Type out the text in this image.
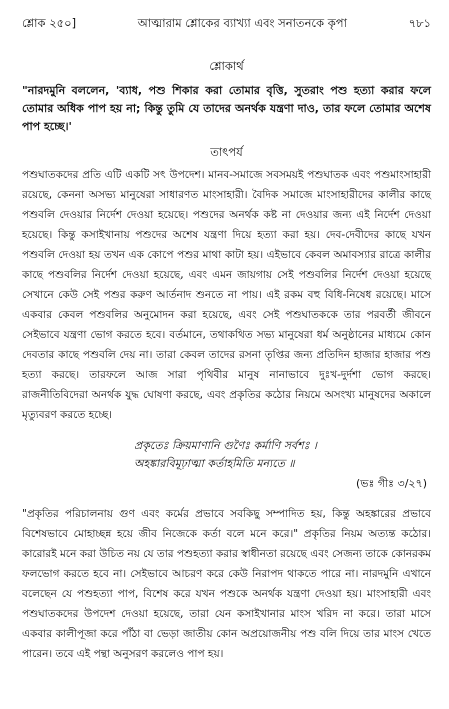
শ্লোক ২৫০]	আত্মারাম শ্লোকের ব্যাখ্যা এবং সনাতনকে কৃপা	৭৮১
শ্লোকার্থ

"নারদমুনি বললেন, 'ব্যাধ, পশু শিকার করা তোমার বৃত্তি, সুতরাং পশু হত্যা করার ফলে তোমার অধিক পাপ হয় না; কিন্তু তুমি যে তাদের অনর্থক যন্ত্রণা দাও, তার ফলে তোমার অশেষ পাপ হচ্ছে।'

তাৎপর্য

পশুঘাতকদের প্রতি এটি একটি সৎ উপদেশ। মানব-সমাজে সবসময়ই পশুঘাতক এবং পশুমাংসাহারী রয়েছে, কেননা অসভ্য মানুষেরা সাধারণত মাংসাহারী। বৈদিক সমাজে মাংসাহারীদের কালীর কাছে পশুবলি দেওয়ার নির্দেশ দেওয়া হয়েছে। পশুদের অনর্থক কষ্ট না দেওয়ার জন্য এই নির্দেশ দেওয়া হয়েছে। কিন্তু কসাইখানায় পশুদের অশেষ যন্ত্রণা দিয়ে হত্যা করা হয়। দেব-দেবীদের কাছে যখন পশুবলি দেওয়া হয় তখন এক কোপে পশুর মাথা কাটা হয়। এইভাবে কেবল অমাবস্যার রাত্রে কালীর কাছে পশুবলির নির্দেশ দেওয়া হয়েছে, এবং এমন জায়গায় সেই পশুবলির নির্দেশ দেওয়া হয়েছে সেখানে কেউ সেই পশুর করুণ আর্তনাদ শুনতে না পায়। এই রকম বহু বিধি-নিষেধ রয়েছে। মাসে একবার কেবল পশুবলির অনুমোদন করা হয়েছে, এবং সেই পশুঘাতককে তার পরবর্তী জীবনে সেইভাবে যন্ত্রণা ভোগ করতে হবে। বর্তমানে, তথাকথিত সভ্য মানুষেরা ধর্ম অনুষ্ঠানের মাধ্যমে কোন দেবতার কাছে পশুবলি দেয় না। তারা কেবল তাদের রসনা তৃপ্তির জন্য প্রতিদিন হাজার হাজার পশু হত্যা করছে। তারফলে আজ সারা পৃথিবীর মানুষ নানাভাবে দুঃখ-দুর্দশা ভোগ করছে। রাজনীতিবিদেরা অনর্থক যুদ্ধ ঘোষণা করছে, এবং প্রকৃতির কঠোর নিয়মে অসংখ্য মানুষদের অকালে মৃত্যুবরণ করতে হচ্ছে।

প্রকৃতেঃ ক্রিয়মাণানি গুণৈঃ কর্মাণি সর্বশঃ ।
অহঙ্কারবিমূঢ়াত্মা কর্তাহমিতি মন্যতে ॥
(ভঃ গীঃ ৩/২৭)

"প্রকৃতির পরিচালনায় গুণ এবং কর্মের প্রভাবে সবকিছু সম্পাদিত হয়, কিন্তু অহঙ্কারের প্রভাবে বিশেষভাবে মোহাচ্ছন্ন হয়ে জীব নিজেকে কর্তা বলে মনে করে।" প্রকৃতির নিয়ম অত্যন্ত কঠোর। কারোরই মনে করা উচিত নয় যে তার পশুহত্যা করার স্বাধীনতা রয়েছে এবং সেজন্য তাকে কোনরকম ফলভোগ করতে হবে না। সেইভাবে আচরণ করে কেউ নিরাপদ থাকতে পারে না। নারদমুনি এখানে বলেছেন যে পশুহত্যা পাপ, বিশেষ করে যখন পশুকে অনর্থক যন্ত্রণা দেওয়া হয়। মাংসাহারী এবং পশুঘাতকদের উপদেশ দেওয়া হয়েছে, তারা যেন কসাইখানার মাংস খরিদ না করে। তারা মাসে একবার কালীপূজা করে পাঁঠা বা ভেড়া জাতীয় কোন অপ্রয়োজনীয় পশু বলি দিয়ে তার মাংস খেতে পারেন। তবে এই পন্থা অনুসরণ করলেও পাপ হয়।
